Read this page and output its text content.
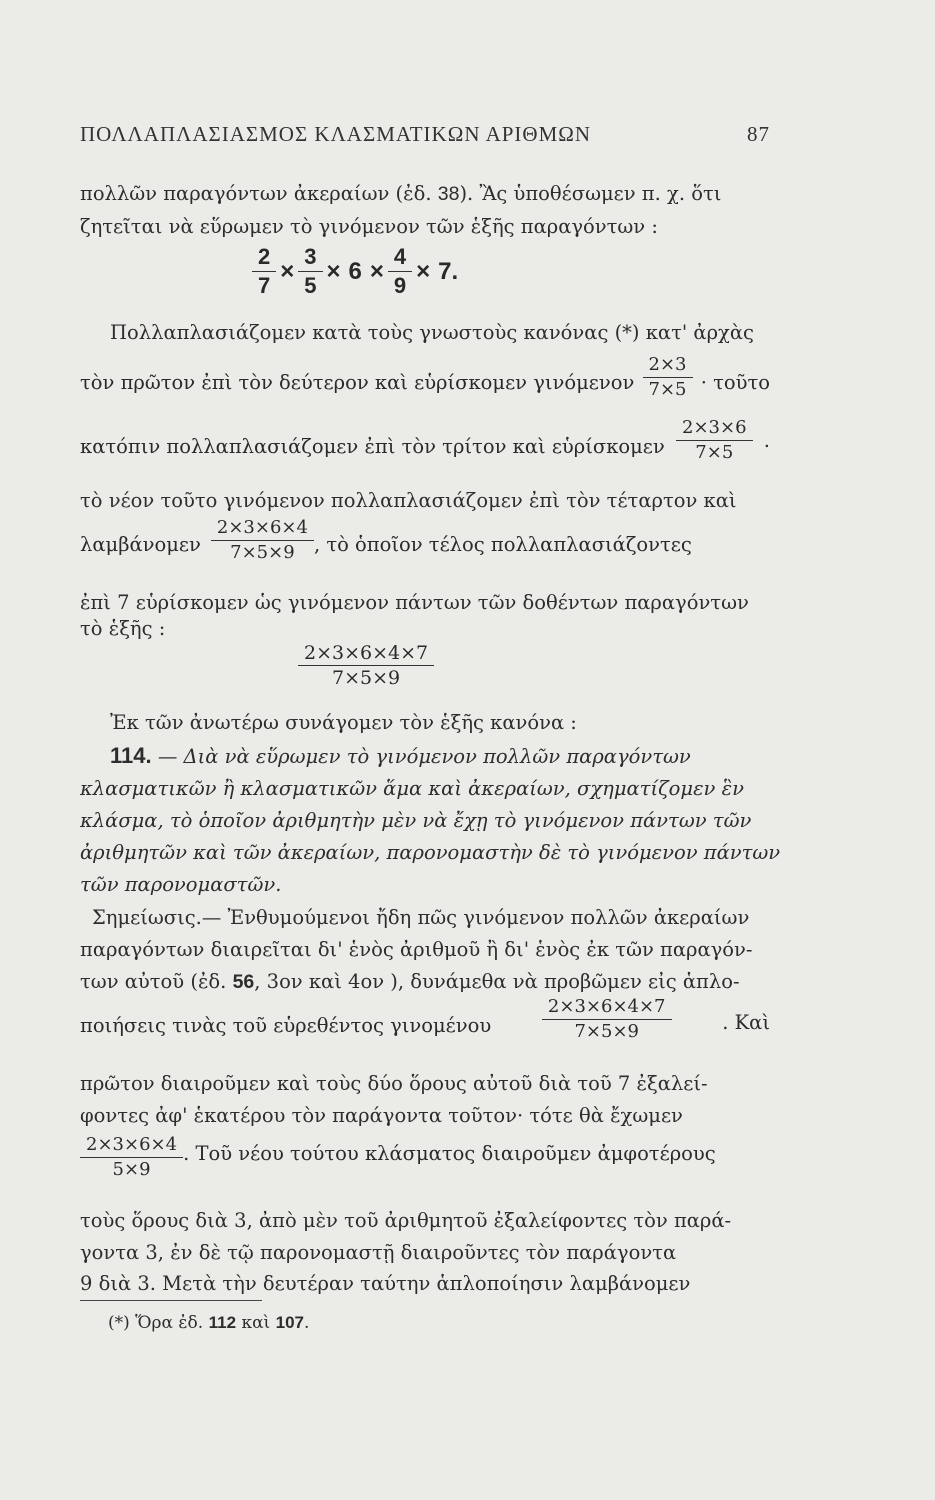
ΠΟΛΛΑΠΛΑΣΙΑΣΜΟΣ ΚΛΑΣΜΑΤΙΚΩΝ ΑΡΙΘΜΩΝ	87
πολλῶν παραγόντων ἀκεραίων (ἐδ. 38). Ἂς ὑποθέσωμεν π. χ. ὅτι
ζητεῖται νὰ εὕρωμεν τὸ γινόμενον τῶν ἑξῆς παραγόντων :
$\frac{2}{7} \times \frac{3}{5} \times 6 \times \frac{4}{9} \times 7$.
Πολλαπλασιάζομεν κατὰ τοὺς γνωστοὺς κανόνας (*) κατ' ἀρχὰς
τὸν πρῶτον ἐπὶ τὸν δεύτερον καὶ εὑρίσκομεν γινόμενον $\frac{2\times 3}{7\times 5}$ · τοῦτο
κατόπιν πολλαπλασιάζομεν ἐπὶ τὸν τρίτον καὶ εὑρίσκομεν $\frac{2\times 3\times 6}{7\times 5}$ .
τὸ νέον τοῦτο γινόμενον πολλαπλασιάζομεν ἐπὶ τὸν τέταρτον καὶ
λαμβάνομεν $\frac{2\times 3\times 6\times 4}{7\times 5\times 9}$ , τὸ ὁποῖον τέλος πολλαπλασιάζοντες
ἐπὶ 7 εὑρίσκομεν ὡς γινόμενον πάντων τῶν δοθέντων παραγόντων
τὸ ἑξῆς :
$\frac{2\times 3\times 6\times 4\times 7}{7\times 5\times 9}$
Ἐκ τῶν ἀνωτέρω συνάγομεν τὸν ἑξῆς κανόνα :
114. — Διὰ νὰ εὕρωμεν τὸ γινόμενον πολλῶν παραγόντων
κλασματικῶν ἢ κλασματικῶν ἅμα καὶ ἀκεραίων, σχηματίζομεν ἓν
κλάσμα, τὸ ὁποῖον ἀριθμητὴν μὲν νὰ ἔχῃ τὸ γινόμενον πάντων τῶν
ἀριθμητῶν καὶ τῶν ἀκεραίων, παρονομαστὴν δὲ τὸ γινόμενον πάντων
τῶν παρονομαστῶν.
Σημείωσις.— Ἐνθυμούμενοι ἤδη πῶς γινόμενον πολλῶν ἀκεραίων
παραγόντων διαιρεῖται δι' ἑνὸς ἀριθμοῦ ἢ δι' ἑνὸς ἐκ τῶν παραγόν-
των αὐτοῦ (ἐδ. 56, 3ον καὶ 4ον ), δυνάμεθα νὰ προβῶμεν εἰς ἁπλο-
ποιήσεις τινὰς τοῦ εὑρεθέντος γινομένου	$\frac{2\times 3\times 6\times 4\times 7}{7\times 5\times 9}$	. Καὶ
πρῶτον διαιροῦμεν καὶ τοὺς δύο ὅρους αὐτοῦ διὰ τοῦ 7 ἐξαλεί-
φοντες ἀφ' ἑκατέρου τὸν παράγοντα τοῦτον· τότε θὰ ἔχωμεν
$\frac{2\times 3\times 6\times 4}{5\times 9}$ . Τοῦ νέου τούτου κλάσματος διαιροῦμεν ἀμφοτέρους
τοὺς ὅρους διὰ 3, ἀπὸ μὲν τοῦ ἀριθμητοῦ ἐξαλείφοντες τὸν παρά-
γοντα 3, ἐν δὲ τῷ παρονομαστῇ διαιροῦντες τὸν παράγοντα
9 διὰ 3. Μετὰ τὴν δευτέραν ταύτην ἁπλοποίησιν λαμβάνομεν
(*) Ὅρα ἐδ. 112 καὶ 107.
